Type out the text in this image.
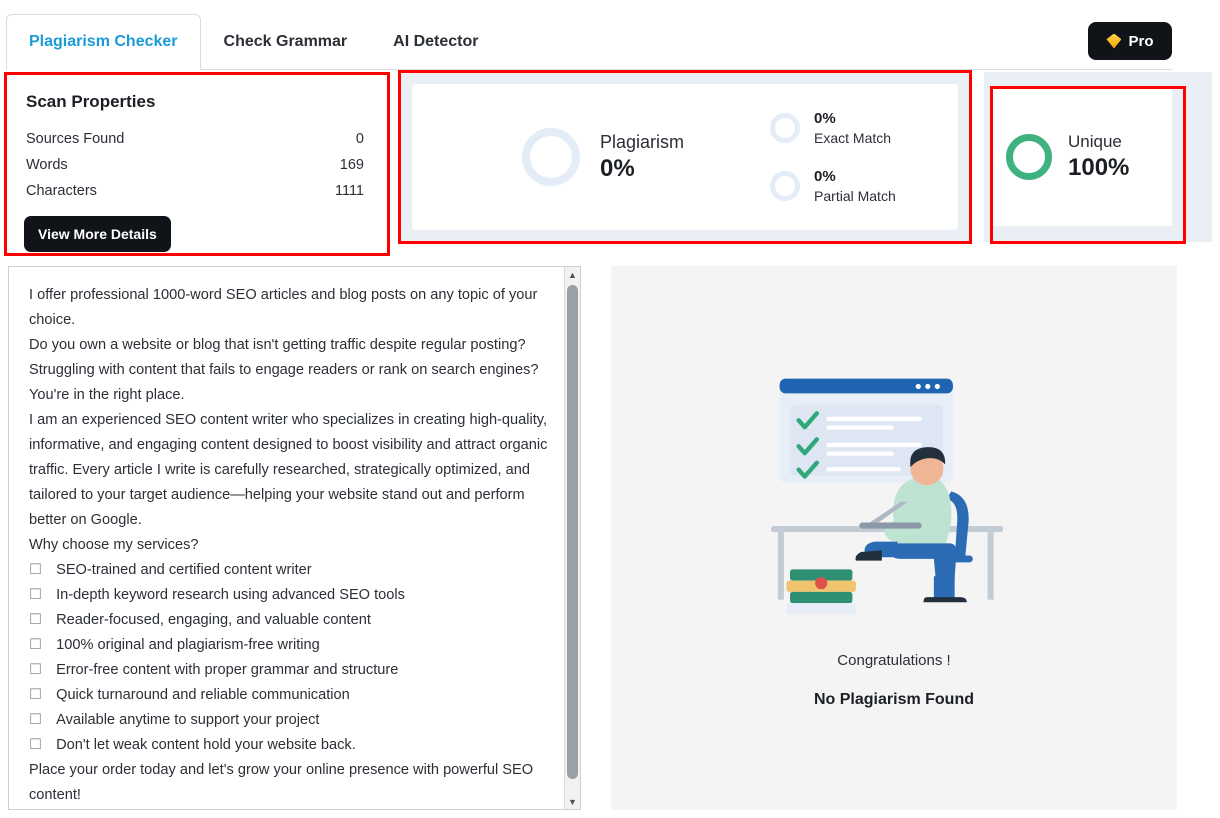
Plagiarism Checker	Check Grammar	AI Detector	Pro
Scan Properties
Sources Found	0
Words	169
Characters	1111
View More Details
Plagiarism
0%
0%
Exact Match
0%
Partial Match
Unique
100%

I offer professional 1000-word SEO articles and blog posts on any topic of your choice.

Do you own a website or blog that isn't getting traffic despite regular posting? Struggling with content that fails to engage readers or rank on search engines? You're in the right place.

I am an experienced SEO content writer who specializes in creating high-quality, informative, and engaging content designed to boost visibility and attract organic traffic. Every article I write is carefully researched, strategically optimized, and tailored to your target audience—helping your website stand out and perform better on Google.

Why choose my services?

☐ SEO-trained and certified content writer
☐ In-depth keyword research using advanced SEO tools
☐ Reader-focused, engaging, and valuable content
☐ 100% original and plagiarism-free writing
☐ Error-free content with proper grammar and structure
☐ Quick turnaround and reliable communication
☐ Available anytime to support your project
☐ Don't let weak content hold your website back.

Place your order today and let's grow your online presence with powerful SEO content!

▲
▼
Congratulations !
No Plagiarism Found
